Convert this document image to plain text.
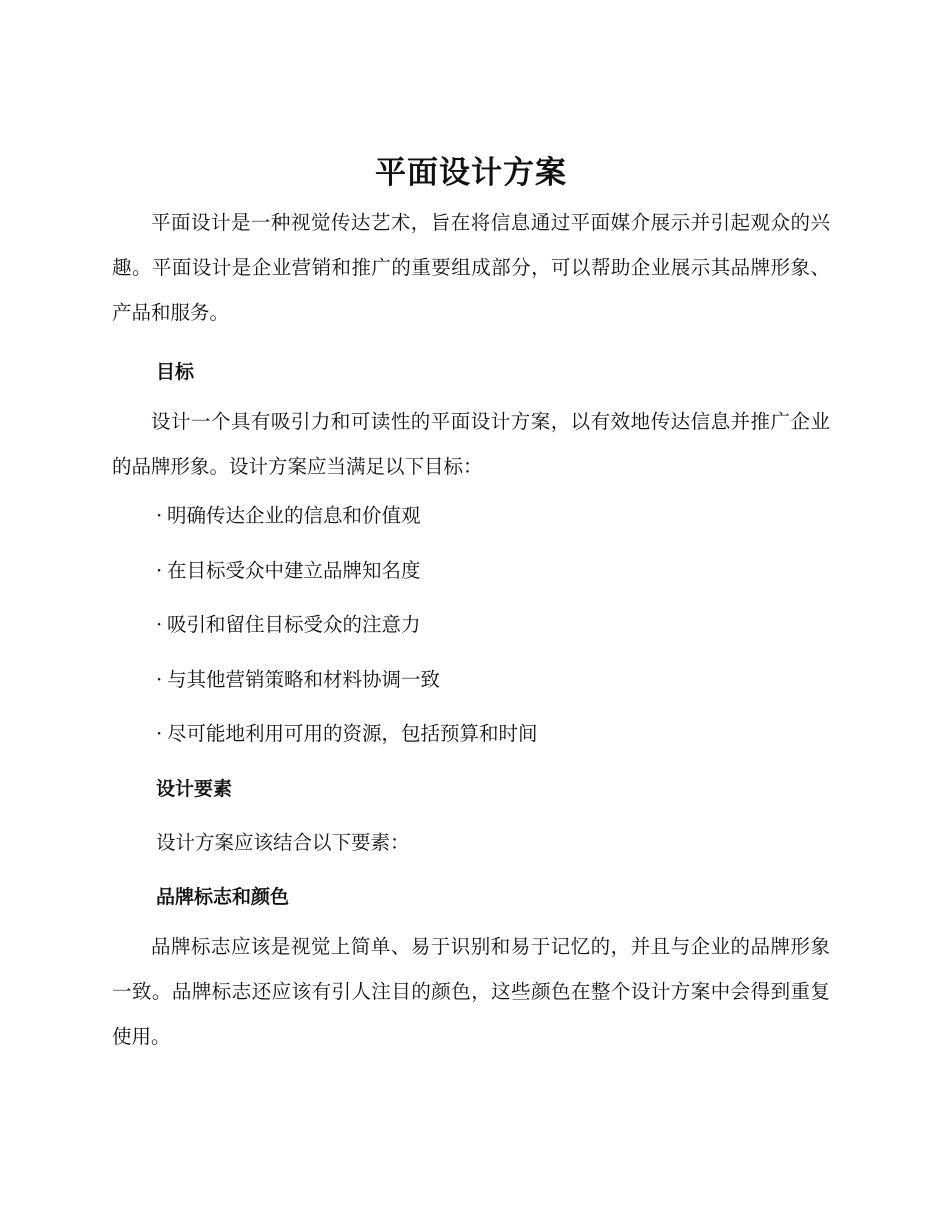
平面设计方案

平面设计是一种视觉传达艺术，旨在将信息通过平面媒介展示并引起观众的兴趣。平面设计是企业营销和推广的重要组成部分，可以帮助企业展示其品牌形象、产品和服务。

目标

设计一个具有吸引力和可读性的平面设计方案，以有效地传达信息并推广企业的品牌形象。设计方案应当满足以下目标：

· 明确传达企业的信息和价值观
· 在目标受众中建立品牌知名度
· 吸引和留住目标受众的注意力
· 与其他营销策略和材料协调一致
· 尽可能地利用可用的资源，包括预算和时间
设计要素

设计方案应该结合以下要素：

品牌标志和颜色

品牌标志应该是视觉上简单、易于识别和易于记忆的，并且与企业的品牌形象一致。品牌标志还应该有引人注目的颜色，这些颜色在整个设计方案中会得到重复使用。
